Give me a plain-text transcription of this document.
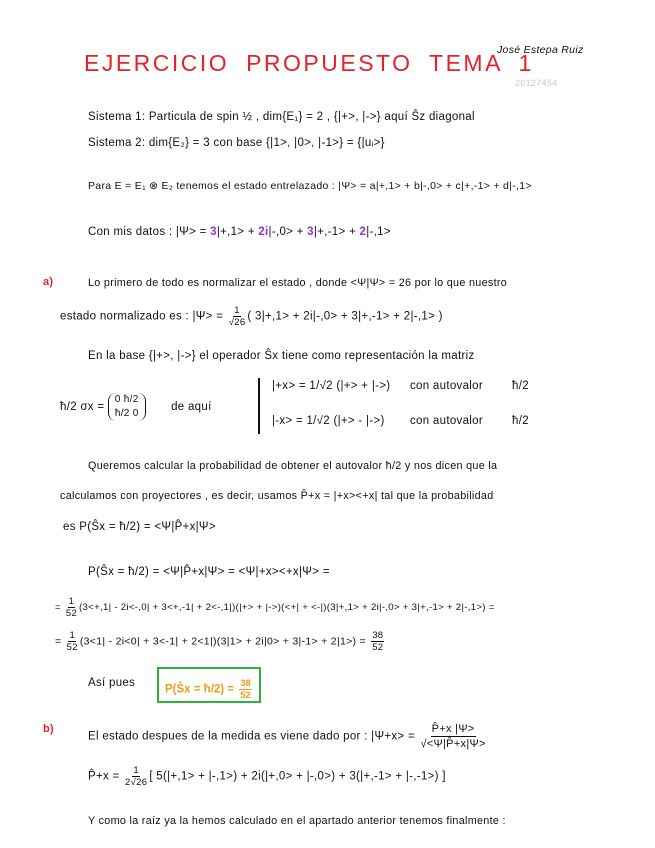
EJERCICIO PROPUESTO TEMA 1
José Estepa Ruiz
20127454
Sistema 1: Particula de spin ½ , dim{E₁} = 2 , {|+>, |->} aquí Ŝz diagonal
Sistema 2: dim{E₂} = 3 con base {|1>, |0>, |-1>} = {|uᵢ>}
Para E = E₁ ⊗ E₂ tenemos el estado entrelazado : |Ψ> = a|+,1> + b|-,0> + c|+,-1> + d|-,1>
Con mis datos : |Ψ> = 3|+,1> + 2i|-,0> + 3|+,-1> + 2|-,1>
a)	Lo primero de todo es normalizar el estado , donde <Ψ|Ψ> = 26 por lo que nuestro
estado normalizado es : $|\Psi> = \frac{1}{√26}$ ( 3|+,1> + 2i|-,0> + 3|+,-1> + 2|-,1> )
En la base {|+>, |->} el operador Ŝx tiene como representación la matriz
ħ/2 σx =
0 ħ/2
ħ/2 0
de aquí
|+x> = 1/√2 (|+> + |->) con autovalor	ħ/2
|-x> = 1/√2 (|+> - |->) con autovalor	ħ/2
Queremos calcular la probabilidad de obtener el autovalor ħ/2 y nos dicen que la
calculamos con proyectores , es decir, usamos P̂+x = |+x><+x| tal que la probabilidad
es P(Ŝx = ħ/2) = <Ψ|P̂+x|Ψ>
P(Ŝx = ħ/2) = <Ψ|P̂+x|Ψ> = <Ψ|+x><+x|Ψ> =
= $\frac{1}{52} (3<+,1| - 2i<-,0| + 3<+,-1| + 2<-,1|)(|+>$ + |->)(<+| + <-|)(3|+,1> + 2i|-,0> + 3|+,-1> + 2|-,1>) =
= $\frac{1}{52} (3<1| - 2i<0| + 3<-1| + 2<1|)(3|1> + 2i|0> + 3|-1> + 2|1>) = \frac{38}{52}$
Así pues
P(Ŝx = ħ/2) = $\frac{38}{52}$
b)
El estado despues de la medida es viene dado por : $|\Psi+x> = \frac{P̂+x |\Psi>}{√<\Psi|P̂+x|\Psi>}$
P̂+x = $\frac{1}{2√26}$ [ 5(|+,1> + |-,1>) + 2i(|+,0> + |-,0>) + 3(|+,-1> + |-,-1>) ]
Y como la raíz ya la hemos calculado en el apartado anterior tenemos finalmente :
